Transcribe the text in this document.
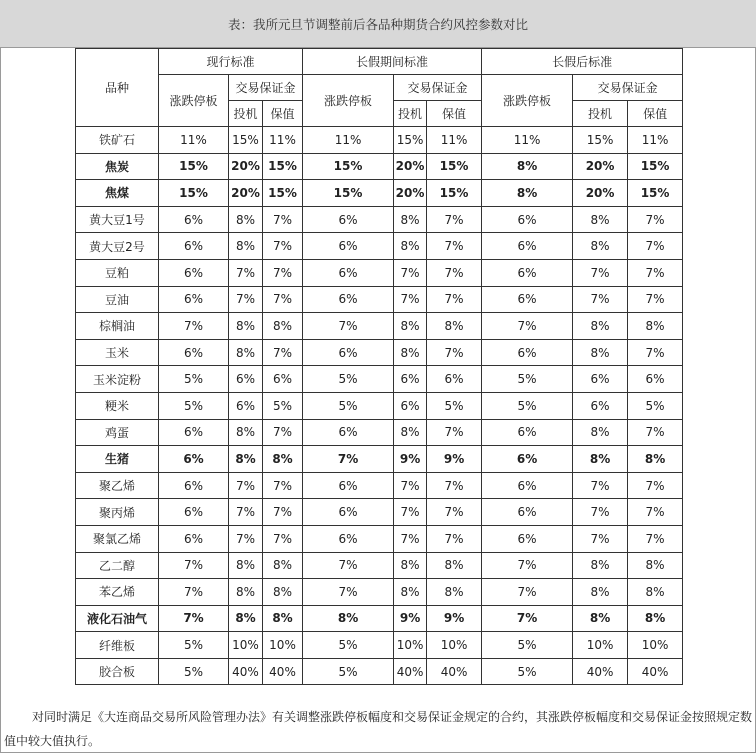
表：我所元旦节调整前后各品种期货合约风控参数对比
品种	现行标准			长假期间标准			长假后标准		
	涨跌停板	交易保证金		涨跌停板	交易保证金		涨跌停板	交易保证金	
		投机	保值		投机	保值		投机	保值
铁矿石	11%	15%	11%	11%	15%	11%	11%	15%	11%
焦炭	15%	20%	15%	15%	20%	15%	8%	20%	15%
焦煤	15%	20%	15%	15%	20%	15%	8%	20%	15%
黄大豆1号	6%	8%	7%	6%	8%	7%	6%	8%	7%
黄大豆2号	6%	8%	7%	6%	8%	7%	6%	8%	7%
豆粕	6%	7%	7%	6%	7%	7%	6%	7%	7%
豆油	6%	7%	7%	6%	7%	7%	6%	7%	7%
棕榈油	7%	8%	8%	7%	8%	8%	7%	8%	8%
玉米	6%	8%	7%	6%	8%	7%	6%	8%	7%
玉米淀粉	5%	6%	6%	5%	6%	6%	5%	6%	6%
粳米	5%	6%	5%	5%	6%	5%	5%	6%	5%
鸡蛋	6%	8%	7%	6%	8%	7%	6%	8%	7%
生猪	6%	8%	8%	7%	9%	9%	6%	8%	8%
聚乙烯	6%	7%	7%	6%	7%	7%	6%	7%	7%
聚丙烯	6%	7%	7%	6%	7%	7%	6%	7%	7%
聚氯乙烯	6%	7%	7%	6%	7%	7%	6%	7%	7%
乙二醇	7%	8%	8%	7%	8%	8%	7%	8%	8%
苯乙烯	7%	8%	8%	7%	8%	8%	7%	8%	8%
液化石油气	7%	8%	8%	8%	9%	9%	7%	8%	8%
纤维板	5%	10%	10%	5%	10%	10%	5%	10%	10%
胶合板	5%	40%	40%	5%	40%	40%	5%	40%	40%
对同时满足《大连商品交易所风险管理办法》有关调整涨跌停板幅度和交易保证金规定的合约，其涨跌停板幅度和交易保证金按照规定数值中较大值执行。
